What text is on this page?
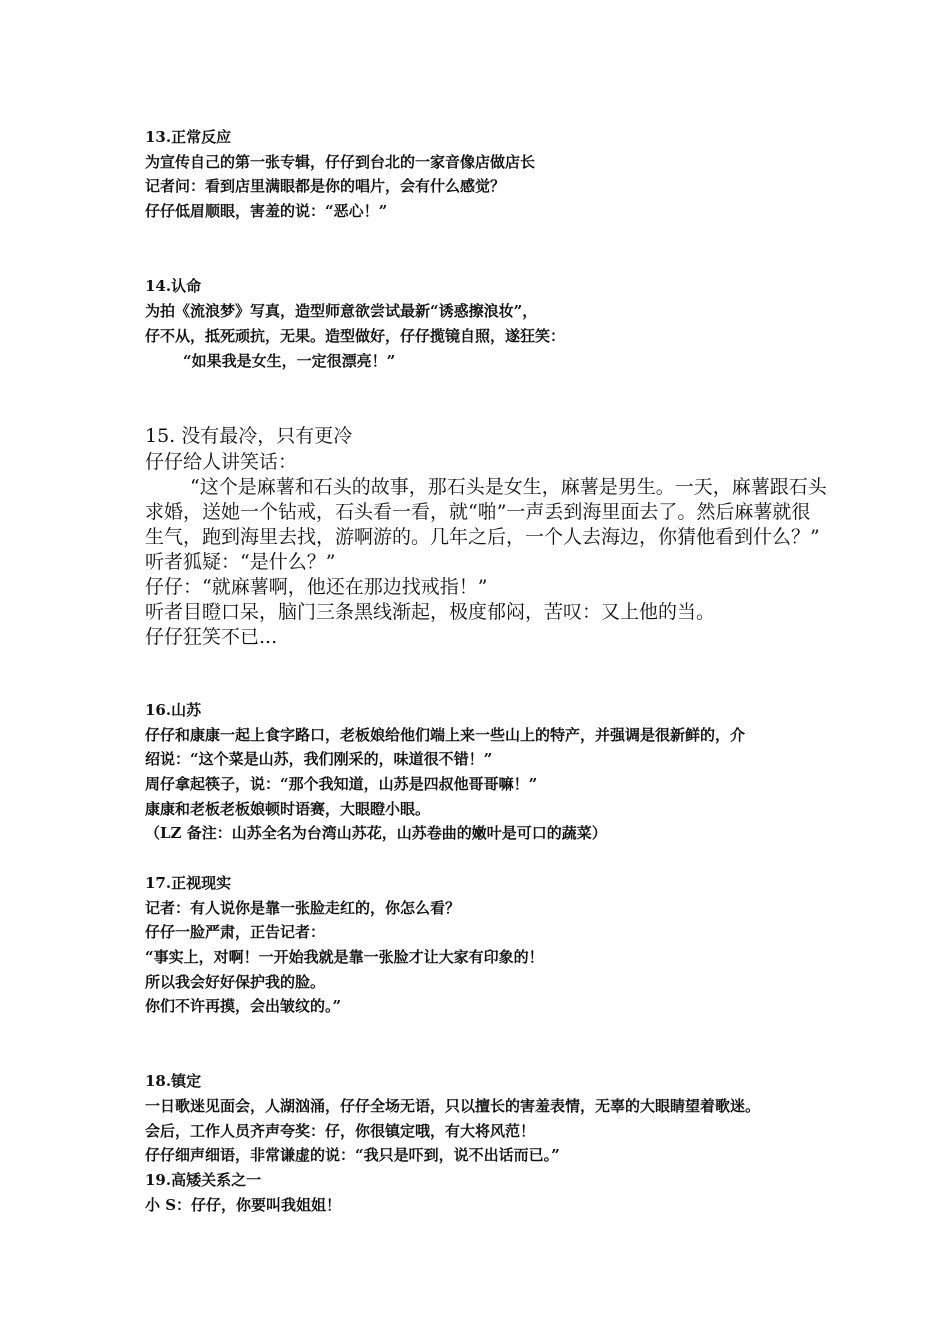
13.正常反应
为宣传自己的第一张专辑，仔仔到台北的一家音像店做店长
记者问：看到店里满眼都是你的唱片，会有什么感觉？
仔仔低眉顺眼，害羞的说：“恶心！”
14.认命
为拍《流浪梦》写真，造型师意欲尝试最新“诱惑擦浪妆”，
仔不从，抵死顽抗，无果。造型做好，仔仔揽镜自照，遂狂笑：
“如果我是女生，一定很漂亮！”
15. 没有最冷，只有更冷
仔仔给人讲笑话：
“这个是麻薯和石头的故事，那石头是女生，麻薯是男生。一天，麻薯跟石头
求婚，送她一个钻戒，石头看一看，就“啪”一声丢到海里面去了。然后麻薯就很
生气，跑到海里去找，游啊游的。几年之后，一个人去海边，你猜他看到什么？”
听者狐疑：“是什么？”
仔仔：“就麻薯啊，他还在那边找戒指！”
听者目瞪口呆，脑门三条黑线渐起，极度郁闷，苦叹：又上他的当。
仔仔狂笑不已...
16.山苏
仔仔和康康一起上食字路口，老板娘给他们端上来一些山上的特产，并强调是很新鲜的，介
绍说：“这个菜是山苏，我们刚采的，味道很不错！”
周仔拿起筷子，说：“那个我知道，山苏是四叔他哥哥嘛！”
康康和老板老板娘顿时语赛，大眼瞪小眼。
（LZ 备注：山苏全名为台湾山苏花，山苏卷曲的嫩叶是可口的蔬菜）
17.正视现实
记者：有人说你是靠一张脸走红的，你怎么看？
仔仔一脸严肃，正告记者：
“事实上，对啊！一开始我就是靠一张脸才让大家有印象的！
所以我会好好保护我的脸。
你们不许再摸，会出皱纹的。”
18.镇定
一日歌迷见面会，人湖汹涌，仔仔全场无语，只以擅长的害羞表情，无辜的大眼睛望着歌迷。
会后，工作人员齐声夸奖：仔，你很镇定哦，有大将风范！
仔仔细声细语，非常谦虚的说：“我只是吓到，说不出话而已。”
19.高矮关系之一
小 S：仔仔，你要叫我姐姐！
